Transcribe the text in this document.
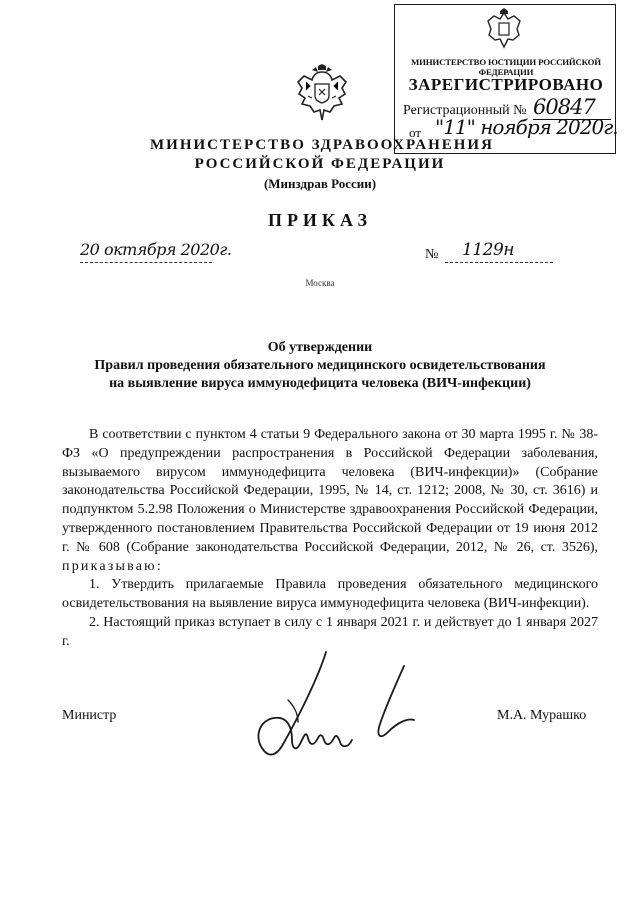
МИНИСТЕРСТВО ЮСТИЦИИ РОССИЙСКОЙ ФЕДЕРАЦИИ
ЗАРЕГИСТРИРОВАНО
Регистрационный № 60847
от "11" ноября 2020г.
МИНИСТЕРСТВО ЗДРАВООХРАНЕНИЯ
РОССИЙСКОЙ ФЕДЕРАЦИИ
(Минздрав России)
ПРИКАЗ
20 октября 2020г.	№ 1129н
Москва
Об утверждении
Правил проведения обязательного медицинского освидетельствования
на выявление вируса иммунодефицита человека (ВИЧ-инфекции)

В соответствии с пунктом 4 статьи 9 Федерального закона от 30 марта 1995 г. № 38-ФЗ «О предупреждении распространения в Российской Федерации заболевания, вызываемого вирусом иммунодефицита человека (ВИЧ-инфекции)» (Собрание законодательства Российской Федерации, 1995, № 14, ст. 1212; 2008, № 30, ст. 3616) и подпунктом 5.2.98 Положения о Министерстве здравоохранения Российской Федерации, утвержденного постановлением Правительства Российской Федерации от 19 июня 2012 г. № 608 (Собрание законодательства Российской Федерации, 2012, № 26, ст. 3526), приказываю:

1. Утвердить прилагаемые Правила проведения обязательного медицинского освидетельствования на выявление вируса иммунодефицита человека (ВИЧ-инфекции).

2. Настоящий приказ вступает в силу с 1 января 2021 г. и действует до 1 января 2027 г.

Министр	М.А. Мурашко
